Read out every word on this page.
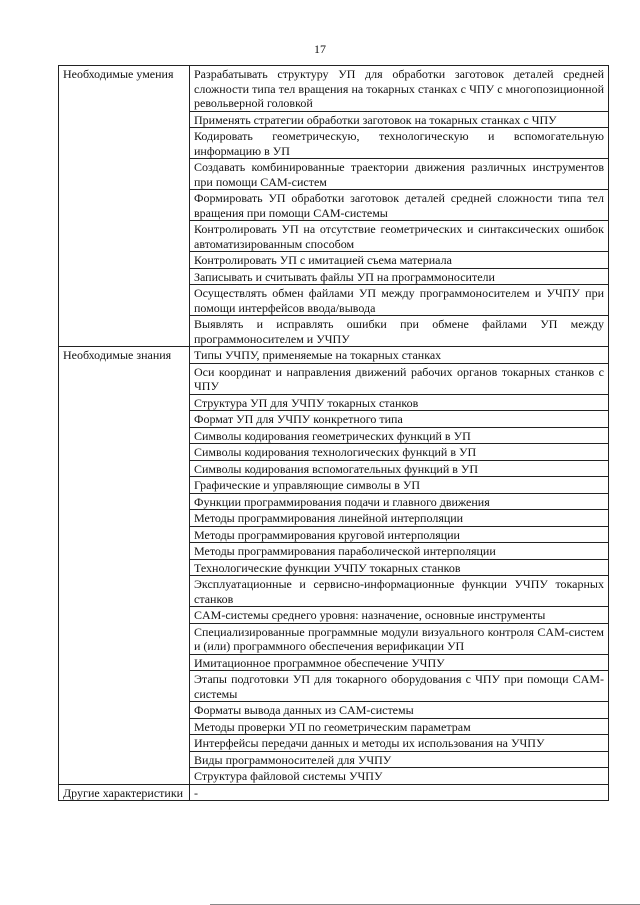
17
Необходимые умения	Разрабатывать структуру УП для обработки заготовок деталей средней сложности типа тел вращения на токарных станках с ЧПУ с многопозиционной револьверной головкой
	Применять стратегии обработки заготовок на токарных станках с ЧПУ
	Кодировать геометрическую, технологическую и вспомогательную информацию в УП
	Создавать комбинированные траектории движения различных инструментов при помощи CAM-систем
	Формировать УП обработки заготовок деталей средней сложности типа тел вращения при помощи CAM-системы
	Контролировать УП на отсутствие геометрических и синтаксических ошибок автоматизированным способом
	Контролировать УП с имитацией съема материала
	Записывать и считывать файлы УП на программоносители
	Осуществлять обмен файлами УП между программоносителем и УЧПУ при помощи интерфейсов ввода/вывода
	Выявлять и исправлять ошибки при обмене файлами УП между программоносителем и УЧПУ
Необходимые знания	Типы УЧПУ, применяемые на токарных станках
	Оси координат и направления движений рабочих органов токарных станков с ЧПУ
	Структура УП для УЧПУ токарных станков
	Формат УП для УЧПУ конкретного типа
	Символы кодирования геометрических функций в УП
	Символы кодирования технологических функций в УП
	Символы кодирования вспомогательных функций в УП
	Графические и управляющие символы в УП
	Функции программирования подачи и главного движения
	Методы программирования линейной интерполяции
	Методы программирования круговой интерполяции
	Методы программирования параболической интерполяции
	Технологические функции УЧПУ токарных станков
	Эксплуатационные и сервисно-информационные функции УЧПУ токарных станков
	CAM-системы среднего уровня: назначение, основные инструменты
	Специализированные программные модули визуального контроля CAM-систем и (или) программного обеспечения верификации УП
	Имитационное программное обеспечение УЧПУ
	Этапы подготовки УП для токарного оборудования с ЧПУ при помощи CAM-системы
	Форматы вывода данных из CAM-системы
	Методы проверки УП по геометрическим параметрам
	Интерфейсы передачи данных и методы их использования на УЧПУ
	Виды программоносителей для УЧПУ
	Структура файловой системы УЧПУ
Другие характеристики	-
